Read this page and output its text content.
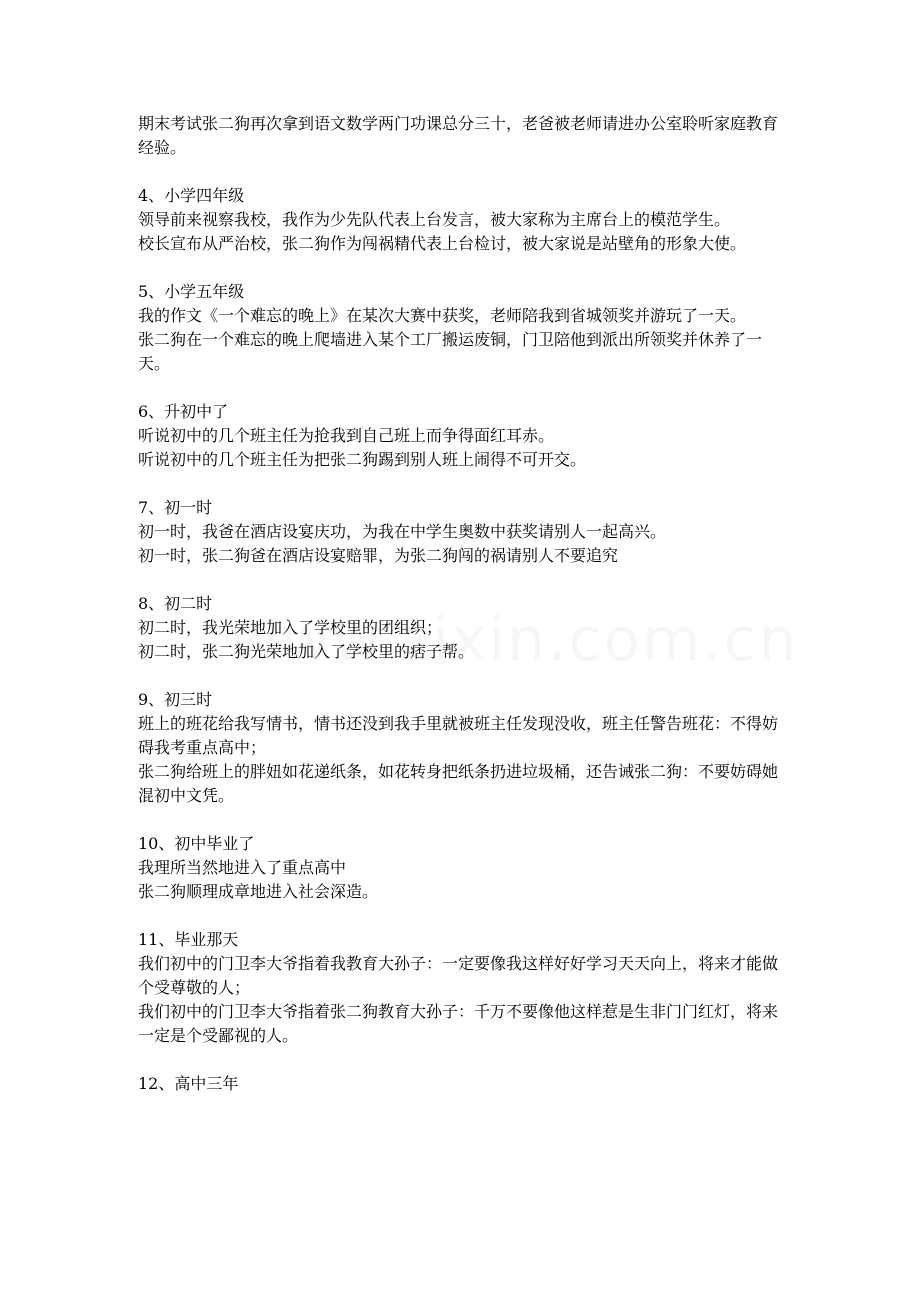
期末考试张二狗再次拿到语文数学两门功课总分三十，老爸被老师请进办公室聆听家庭教育经验。

4、小学四年级

领导前来视察我校，我作为少先队代表上台发言，被大家称为主席台上的模范学生。

校长宣布从严治校，张二狗作为闯祸精代表上台检讨，被大家说是站壁角的形象大使。

5、小学五年级

我的作文《一个难忘的晚上》在某次大赛中获奖，老师陪我到省城领奖并游玩了一天。

张二狗在一个难忘的晚上爬墙进入某个工厂搬运废铜，门卫陪他到派出所领奖并休养了一天。

6、升初中了

听说初中的几个班主任为抢我到自己班上而争得面红耳赤。

听说初中的几个班主任为把张二狗踢到别人班上闹得不可开交。

7、初一时

初一时，我爸在酒店设宴庆功，为我在中学生奥数中获奖请别人一起高兴。

初一时，张二狗爸在酒店设宴赔罪，为张二狗闯的祸请别人不要追究

8、初二时

初二时，我光荣地加入了学校里的团组织；

初二时，张二狗光荣地加入了学校里的痞子帮。

9、初三时

班上的班花给我写情书，情书还没到我手里就被班主任发现没收，班主任警告班花：不得妨碍我考重点高中；

张二狗给班上的胖妞如花递纸条，如花转身把纸条扔进垃圾桶，还告诫张二狗：不要妨碍她混初中文凭。

10、初中毕业了

我理所当然地进入了重点高中

张二狗顺理成章地进入社会深造。

11、毕业那天

我们初中的门卫李大爷指着我教育大孙子：一定要像我这样好好学习天天向上，将来才能做个受尊敬的人；

我们初中的门卫李大爷指着张二狗教育大孙子：千万不要像他这样惹是生非门门红灯，将来一定是个受鄙视的人。

12、高中三年
